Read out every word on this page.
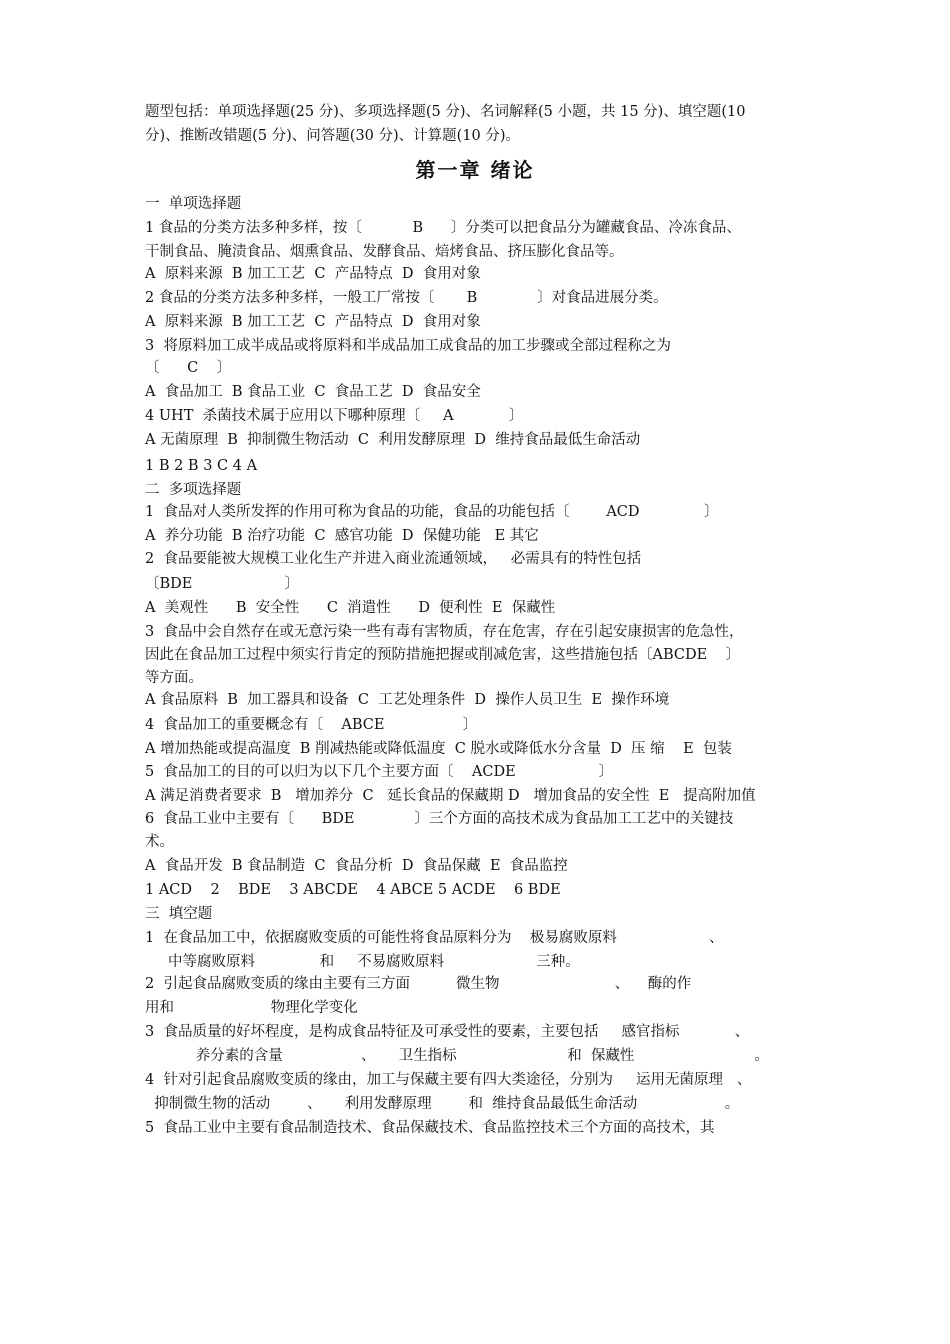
题型包括：单项选择题(25 分)、多项选择题(5 分)、名词解释(5 小题，共 15 分)、填空题(10
分)、推断改错题(5 分)、问答题(30 分)、计算题(10 分)。
第一章 绪论
一  单项选择题
1 食品的分类方法多种多样，按〔           B      〕分类可以把食品分为罐藏食品、冷冻食品、
干制食品、腌渍食品、烟熏食品、发酵食品、焙烤食品、挤压膨化食品等。
A  原料来源  B 加工工艺  C  产品特点  D  食用对象
2 食品的分类方法多种多样，一般工厂常按〔       B             〕对食品进展分类。
A  原料来源  B 加工工艺  C  产品特点  D  食用对象
3  将原料加工成半成品或将原料和半成品加工成食品的加工步骤或全部过程称之为
〔      C    〕
A  食品加工  B 食品工业  C  食品工艺  D  食品安全
4 UHT  杀菌技术属于应用以下哪种原理〔     A            〕
A 无菌原理  B  抑制微生物活动  C  利用发酵原理  D  维持食品最低生命活动
1 B 2 B 3 C 4 A
二  多项选择题
1  食品对人类所发挥的作用可称为食品的功能，食品的功能包括〔        ACD              〕
A  养分功能  B 治疗功能  C  感官功能  D  保健功能   E 其它
2  食品要能被大规模工业化生产并进入商业流通领域，   必需具有的特性包括
〔BDE                    〕
A  美观性      B  安全性      C  消遣性      D  便利性  E  保藏性
3  食品中会自然存在或无意污染一些有毒有害物质，存在危害，存在引起安康损害的危急性，
因此在食品加工过程中须实行肯定的预防措施把握或削减危害，这些措施包括〔ABCDE    〕
等方面。
A 食品原料  B  加工器具和设备  C  工艺处理条件  D  操作人员卫生  E  操作环境
4  食品加工的重要概念有〔    ABCE                 〕
A 增加热能或提高温度  B 削减热能或降低温度  C 脱水或降低水分含量  D  压 缩    E  包装
5  食品加工的目的可以归为以下几个主要方面〔    ACDE                  〕
A 满足消费者要求  B   增加养分  C   延长食品的保藏期 D   增加食品的安全性  E   提高附加值
6  食品工业中主要有〔      BDE             〕三个方面的高技术成为食品加工工艺中的关键技
术。
A  食品开发  B 食品制造  C  食品分析  D  食品保藏  E  食品监控
1 ACD    2    BDE    3 ABCDE    4 ABCE 5 ACDE    6 BDE
三  填空题
1  在食品加工中，依据腐败变质的可能性将食品原料分为    极易腐败原料                    、
中等腐败原料              和     不易腐败原料                    三种。
2  引起食品腐败变质的缘由主要有三方面          微生物                         、    酶的作
用和                     物理化学变化
3  食品质量的好坏程度，是构成食品特征及可承受性的要素，主要包括     感官指标            、
养分素的含量                 、     卫生指标                        和  保藏性                          。
4  针对引起食品腐败变质的缘由，加工与保藏主要有四大类途径，分别为     运用无菌原理   、
抑制微生物的活动        、     利用发酵原理        和  维持食品最低生命活动                   。
5  食品工业中主要有食品制造技术、食品保藏技术、食品监控技术三个方面的高技术，其
